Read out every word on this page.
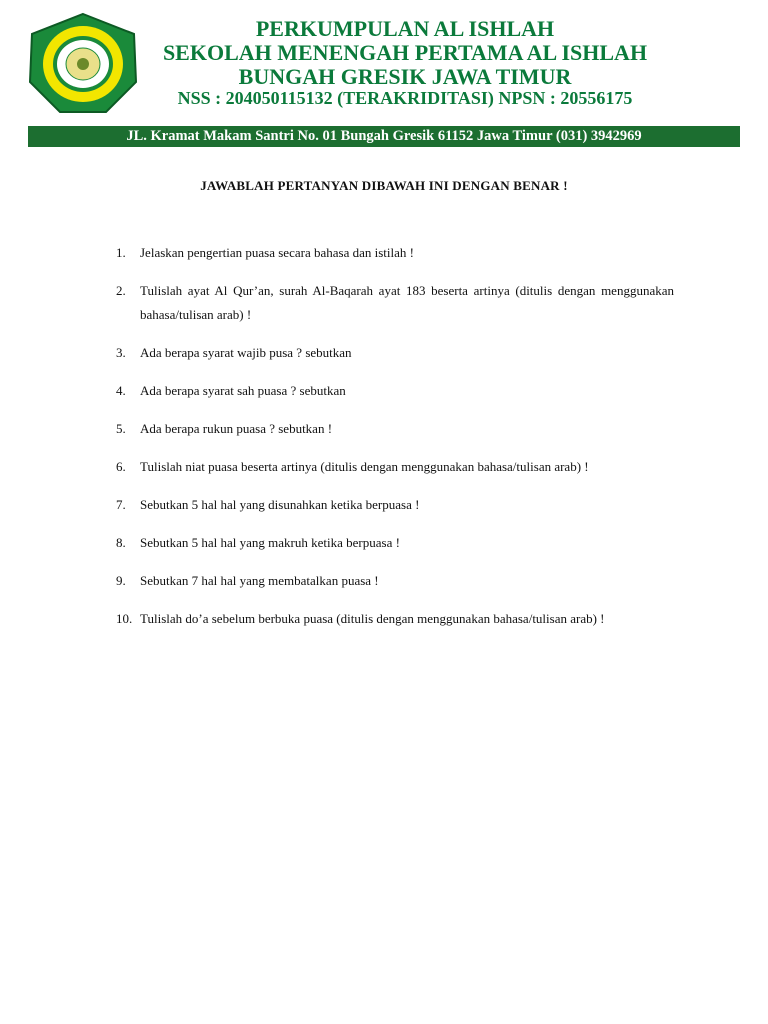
PERKUMPULAN AL ISHLAH
SEKOLAH MENENGAH PERTAMA AL ISHLAH
BUNGAH GRESIK JAWA TIMUR
NSS : 204050115132 (TERAKRIDITASI) NPSN : 20556175
JL. Kramat Makam Santri No. 01 Bungah Gresik 61152 Jawa Timur (031) 3942969
JAWABLAH PERTANYAN DIBAWAH INI DENGAN BENAR !
1.	Jelaskan pengertian puasa secara bahasa dan istilah !
2.	Tulislah ayat Al Qur’an, surah Al-Baqarah ayat 183 beserta artinya (ditulis dengan menggunakan bahasa/tulisan arab) !
3.	Ada berapa syarat wajib pusa ? sebutkan
4.	Ada berapa syarat sah puasa ? sebutkan
5.	Ada berapa rukun puasa ? sebutkan !
6.	Tulislah niat puasa beserta artinya (ditulis dengan menggunakan bahasa/tulisan arab) !
7.	Sebutkan 5 hal hal yang disunahkan ketika berpuasa !
8.	Sebutkan 5 hal hal yang makruh ketika berpuasa !
9.	Sebutkan 7 hal hal yang membatalkan puasa !
10. Tulislah do’a sebelum berbuka puasa (ditulis dengan menggunakan bahasa/tulisan arab) !
